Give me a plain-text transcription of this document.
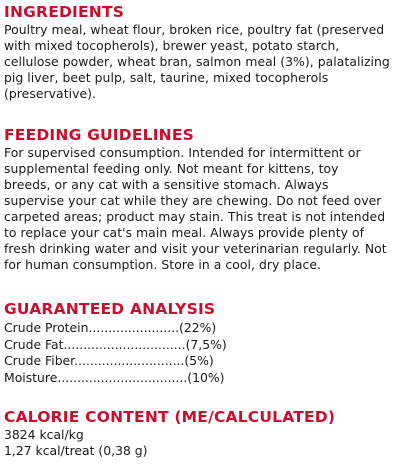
INGREDIENTS
Poultry meal, wheat flour, broken rice, poultry fat (preserved
with mixed tocopherols), brewer yeast, potato starch,
cellulose powder, wheat bran, salmon meal (3%), palatalizing
pig liver, beet pulp, salt, taurine, mixed tocopherols
(preservative).
FEEDING GUIDELINES
For supervised consumption. Intended for intermittent or
supplemental feeding only. Not meant for kittens, toy
breeds, or any cat with a sensitive stomach. Always
supervise your cat while they are chewing. Do not feed over
carpeted areas; product may stain. This treat is not intended
to replace your cat's main meal. Always provide plenty of
fresh drinking water and visit your veterinarian regularly. Not
for human consumption. Store in a cool, dry place.
GUARANTEED ANALYSIS
Crude Protein.......................(22%)
Crude Fat...............................(7,5%)
Crude Fiber............................(5%)
Moisture.................................(10%)
CALORIE CONTENT (ME/CALCULATED)
3824 kcal/kg
1,27 kcal/treat (0,38 g)
